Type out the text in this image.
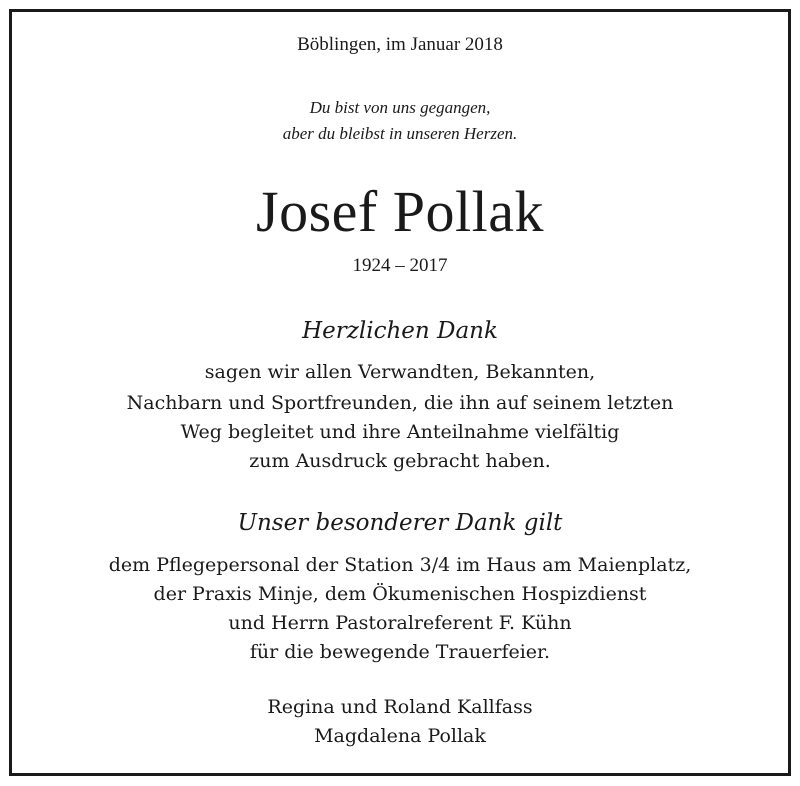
Böblingen, im Januar 2018
Du bist von uns gegangen,
aber du bleibst in unseren Herzen.
Josef Pollak
1924 – 2017
Herzlichen Dank
sagen wir allen Verwandten, Bekannten,
Nachbarn und Sportfreunden, die ihn auf seinem letzten
Weg begleitet und ihre Anteilnahme vielfältig
zum Ausdruck gebracht haben.
Unser besonderer Dank gilt
dem Pflegepersonal der Station 3/4 im Haus am Maienplatz,
der Praxis Minje, dem Ökumenischen Hospizdienst
und Herrn Pastoralreferent F. Kühn
für die bewegende Trauerfeier.
Regina und Roland Kallfass
Magdalena Pollak
